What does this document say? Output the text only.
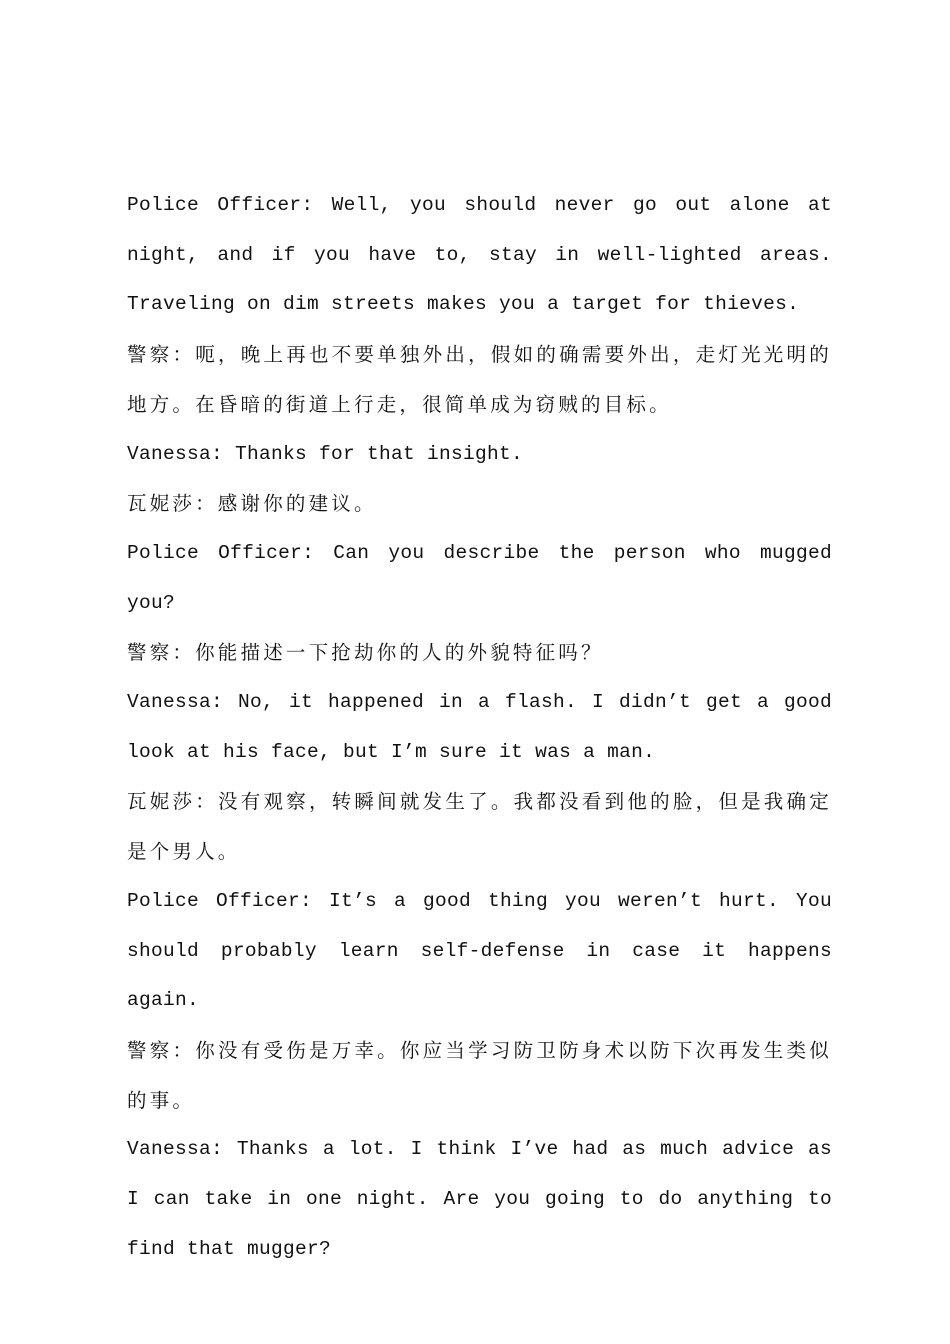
Police Officer: Well, you should never go out alone at night, and if you have to, stay in well-lighted areas. Traveling on dim streets makes you a target for thieves.

警察：呃，晚上再也不要单独外出，假如的确需要外出，走灯光光明的地方。在昏暗的街道上行走，很简单成为窃贼的目标。

Vanessa: Thanks for that insight.

瓦妮莎：感谢你的建议。

Police Officer: Can you describe the person who mugged you?

警察：你能描述一下抢劫你的人的外貌特征吗？

Vanessa: No, it happened in a flash. I didn’t get a good look at his face, but I’m sure it was a man.

瓦妮莎：没有观察，转瞬间就发生了。我都没看到他的脸，但是我确定是个男人。

Police Officer: It’s a good thing you weren’t hurt. You should probably learn self-defense in case it happens again.

警察：你没有受伤是万幸。你应当学习防卫防身术以防下次再发生类似的事。

Vanessa: Thanks a lot. I think I’ve had as much advice as I can take in one night. Are you going to do anything to find that mugger?
